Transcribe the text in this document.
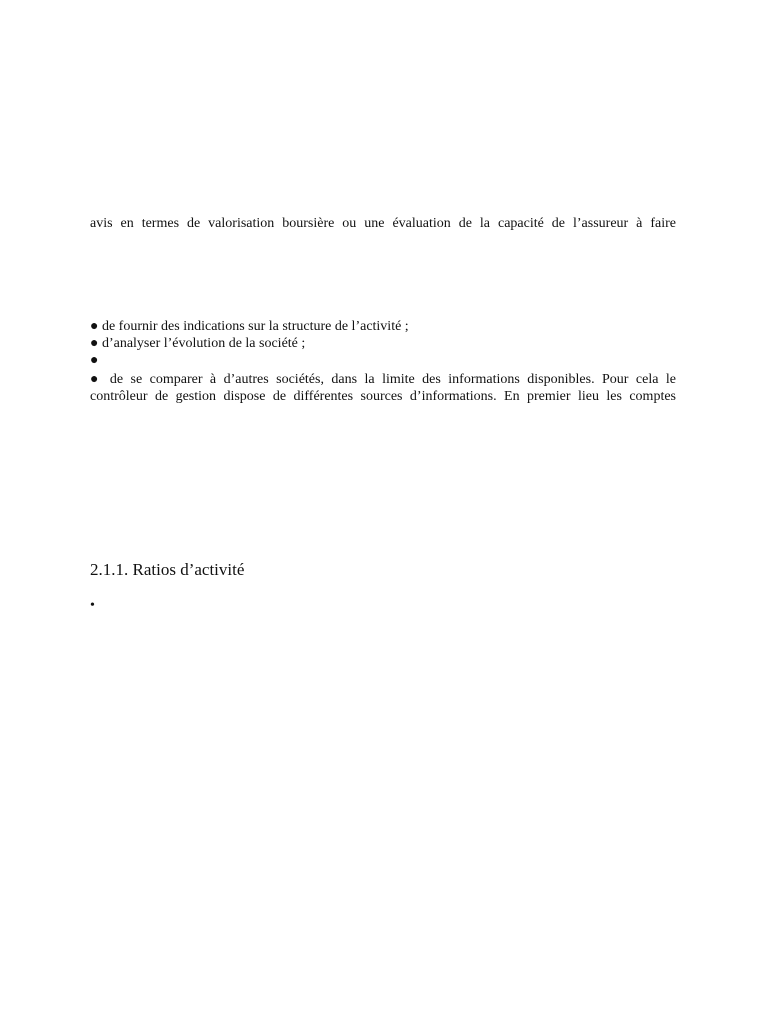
avis en termes de valorisation boursière ou une évaluation de la capacité de l’assureur à faire
● de fournir des indications sur la structure de l’activité ;
● d’analyser l’évolution de la société ;
●
● de se comparer à d’autres sociétés, dans la limite des informations disponibles. Pour cela le
contrôleur de gestion dispose de différentes sources d’informations. En premier lieu les comptes
2.1.1. Ratios d’activité
•
